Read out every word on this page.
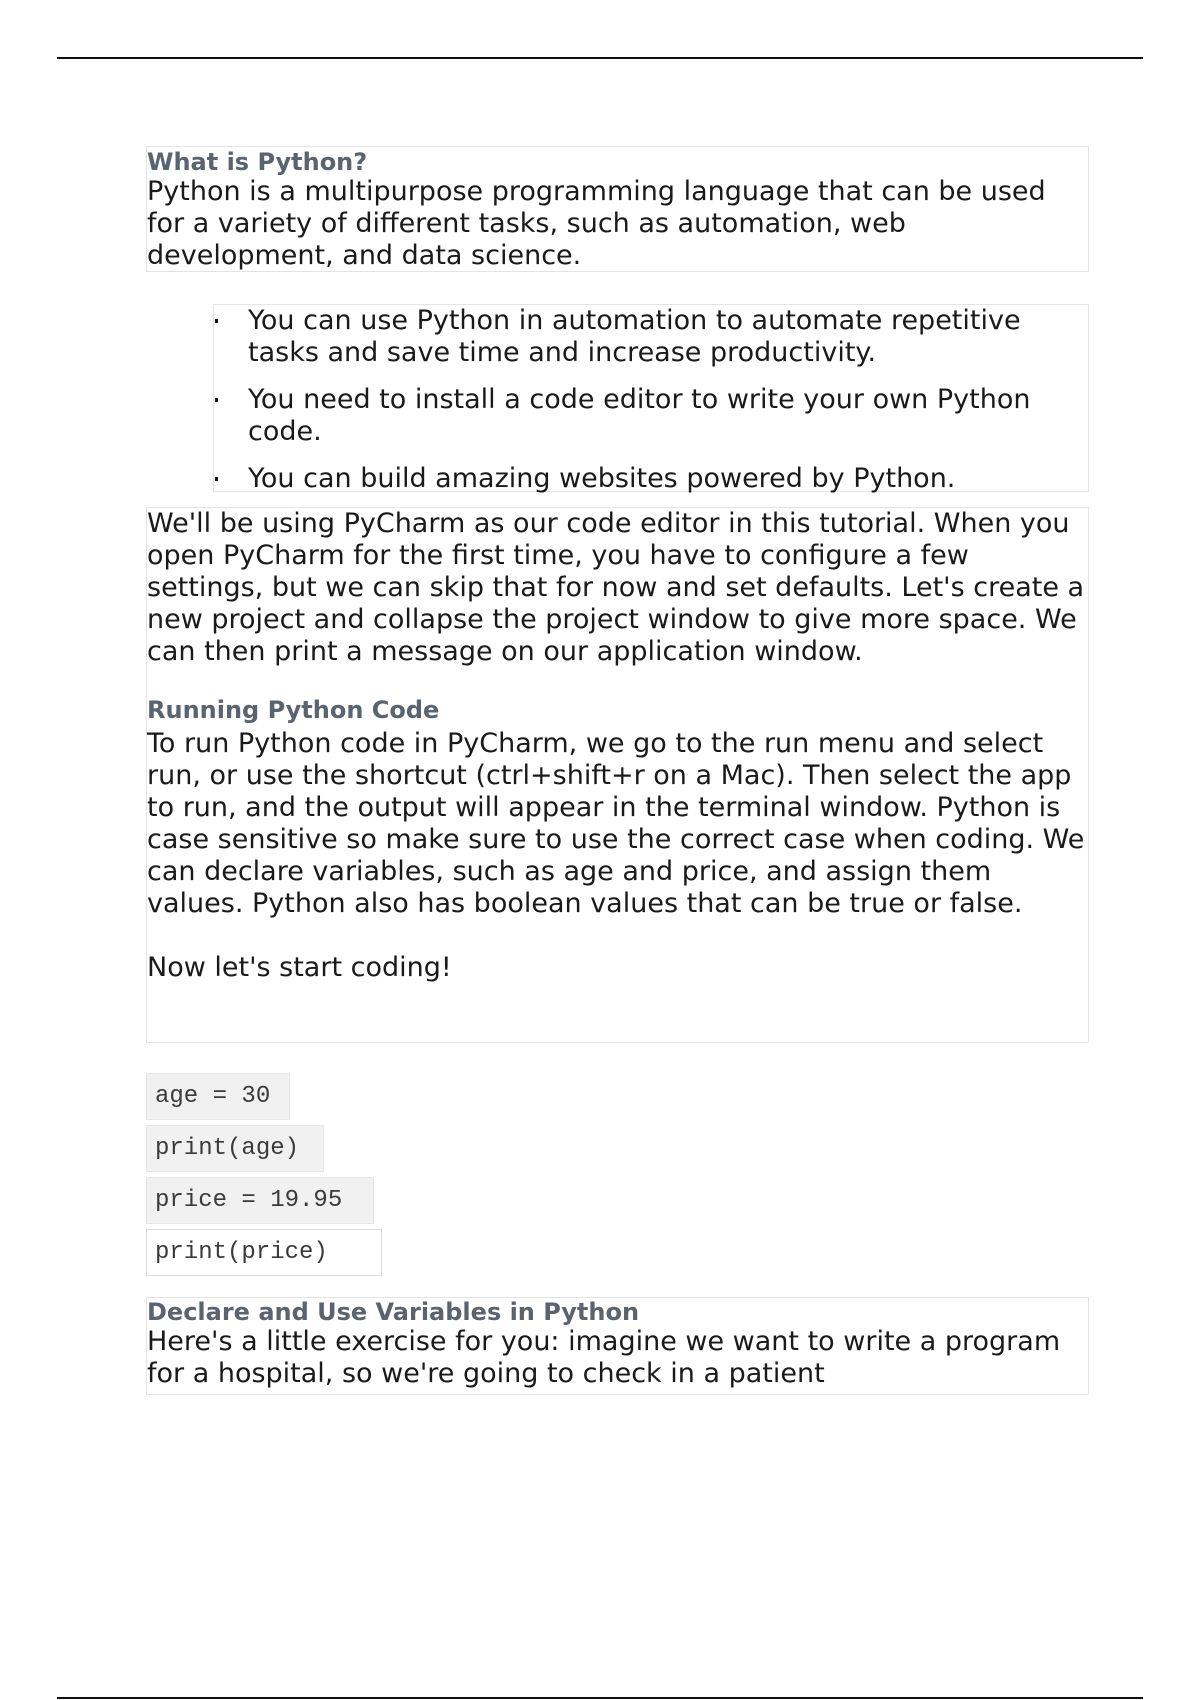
What is Python?

Python is a multipurpose programming language that can be used for a variety of different tasks, such as automation, web development, and data science.

You can use Python in automation to automate repetitive tasks and save time and increase productivity.
You need to install a code editor to write your own Python code.
You can build amazing websites powered by Python.

We'll be using PyCharm as our code editor in this tutorial. When you open PyCharm for the first time, you have to configure a few settings, but we can skip that for now and set defaults. Let's create a new project and collapse the project window to give more space. We can then print a message on our application window.

Running Python Code

To run Python code in PyCharm, we go to the run menu and select run, or use the shortcut (ctrl+shift+r on a Mac). Then select the app to run, and the output will appear in the terminal window. Python is case sensitive so make sure to use the correct case when coding. We can declare variables, such as age and price, and assign them values. Python also has boolean values that can be true or false.

Now let's start coding!

age = 30
print(age)
price = 19.95
print(price)
Declare and Use Variables in Python

Here's a little exercise for you: imagine we want to write a program for a hospital, so we're going to check in a patient
